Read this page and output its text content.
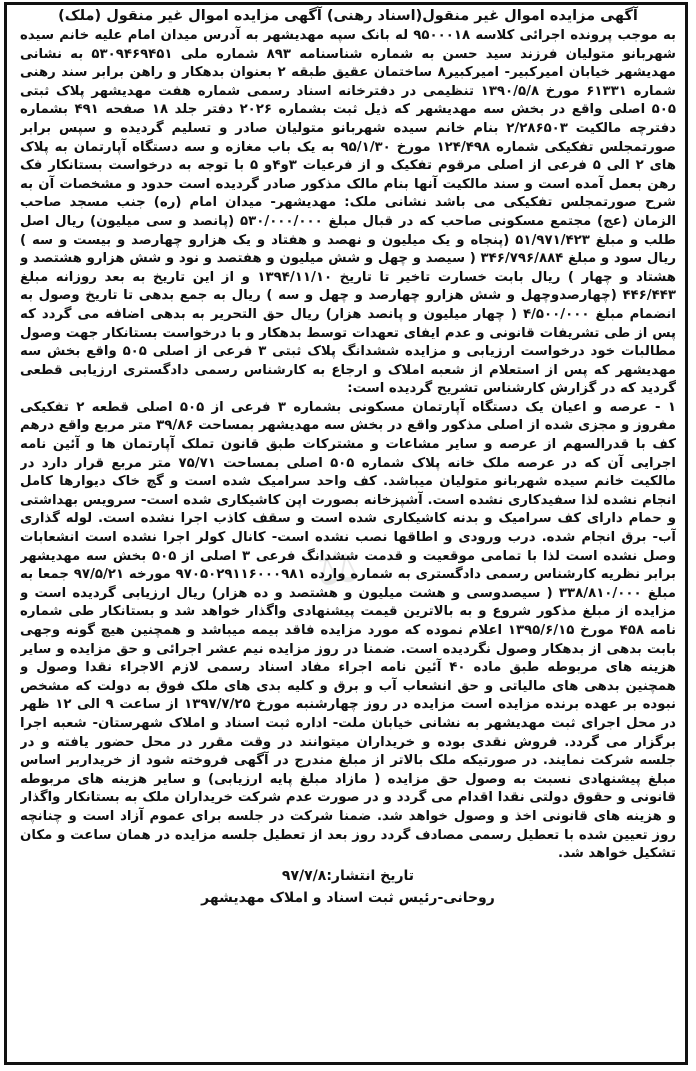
⚖

آگهی مزایده اموال غیر منقول(اسناد رهنی) آگهی مزایده اموال غیر منقول (ملک)

به موجب پرونده اجرائی کلاسه ۹۵۰۰۰۱۸ له بانک سپه مهدیشهر به آدرس میدان امام علیه خانم سیده شهربانو متولیان فرزند سید حسن به شماره شناسنامه ۸۹۳ شماره ملی ۵۳۰۹۴۶۹۴۵۱ به نشانی مهدیشهر خیابان امیرکبیر- امیرکبیر۸ ساختمان عقیق طبقه ۲ بعنوان بدهکار و راهن برابر سند رهنی شماره ۶۱۳۳۱ مورخ ۱۳۹۰/۵/۸ تنظیمی در دفترخانه اسناد رسمی شماره هفت مهدیشهر پلاک ثبتی ۵۰۵ اصلی واقع در بخش سه مهدیشهر که ذیل ثبت بشماره ۲۰۲۶ دفتر جلد ۱۸ صفحه ۴۹۱ بشماره دفترچه مالکیت ۲/۲۸۶۵۰۳ بنام خانم سیده شهربانو متولیان صادر و تسلیم گردیده و سپس برابر صورتمجلس تفکیکی شماره ۱۲۴/۴۹۸ مورخ ۹۵/۱/۳۰ به یک باب مغازه و سه دستگاه آپارتمان به پلاک های ۲ الی ۵ فرعی از اصلی مرقوم تفکیک و از فرعیات ۳و۴و ۵ با توجه به درخواست بستانکار فک رهن بعمل آمده است و سند مالکیت آنها بنام مالک مذکور صادر گردیده است حدود و مشخصات آن به شرح صورتمجلس تفکیکی می باشد نشانی ملک: مهدیشهر- میدان امام (ره) جنب مسجد صاحب الزمان (عج) مجتمع مسکونی صاحب که در قبال مبلغ ۵۳۰/۰۰۰/۰۰۰ (پانصد و سی میلیون) ریال اصل طلب و مبلغ ۵۱/۹۷۱/۴۲۳ (پنجاه و یک میلیون و نهصد و هفتاد و یک هزارو چهارصد و بیست و سه ) ریال سود و مبلغ ۳۴۶/۷۹۶/۸۸۴ ( سیصد و چهل و شش میلیون و هفتصد و نود و شش هزارو هشتصد و هشتاد و چهار ) ریال بابت خسارت تاخیر تا تاریخ ۱۳۹۴/۱۱/۱۰ و از این تاریخ به بعد روزانه مبلغ ۴۴۶/۴۴۳ (چهارصدوچهل و شش هزارو چهارصد و چهل و سه ) ریال به جمع بدهی تا تاریخ وصول به انضمام مبلغ ۴/۵۰۰/۰۰۰ ( چهار میلیون و پانصد هزار) ریال حق التحریر به بدهی اضافه می گردد که پس از طی تشریفات قانونی و عدم ایفای تعهدات توسط بدهکار و با درخواست بستانکار جهت وصول مطالبات خود درخواست ارزیابی و مزایده ششدانگ پلاک ثبتی ۳ فرعی از اصلی ۵۰۵ واقع بخش سه مهدیشهر که پس از استعلام از شعبه املاک و ارجاع به کارشناس رسمی دادگستری ارزیابی قطعی گردید که در گزارش کارشناس تشریح گردیده است:

۱ - عرصه و اعیان یک دستگاه آپارتمان مسکونی بشماره ۳ فرعی از ۵۰۵ اصلی قطعه ۲ تفکیکی مفروز و مجزی شده از اصلی مذکور واقع در بخش سه مهدیشهر بمساحت ۳۹/۸۶ متر مربع واقع درهم کف با قدرالسهم از عرصه و سایر مشاعات و مشترکات طبق قانون تملک آپارتمان ها و آئین نامه اجرایی آن که در عرصه ملک خانه پلاک شماره ۵۰۵ اصلی بمساحت ۷۵/۷۱ متر مربع قرار دارد در مالکیت خانم سیده شهربانو متولیان میباشد. کف واحد سرامیک شده است و گچ خاک دیوارها کامل انجام نشده لذا سفیدکاری نشده است. آشپزخانه بصورت اپن کاشیکاری شده است- سرویس بهداشتی و حمام دارای کف سرامیک و بدنه کاشیکاری شده است و سقف کاذب اجرا نشده است. لوله گذاری آب- برق انجام شده. درب ورودی و اطاقها نصب نشده است- کانال کولر اجرا نشده است انشعابات وصل نشده است لذا با تمامی موقعیت و قدمت ششدانگ فرعی ۳ اصلی از ۵۰۵ بخش سه مهدیشهر برابر نظریه کارشناس رسمی دادگستری به شماره وارده ۹۷۰۵۰۲۹۱۱۶۰۰۰۹۸۱ مورخه ۹۷/۵/۲۱ جمعا به مبلغ ۳۳۸/۸۱۰/۰۰۰ ( سیصدوسی و هشت میلیون و هشتصد و ده هزار) ریال ارزیابی گردیده است و مزایده از مبلغ مذکور شروع و به بالاترین قیمت پیشنهادی واگذار خواهد شد و بستانکار طی شماره نامه ۴۵۸ مورخ ۱۳۹۵/۶/۱۵ اعلام نموده که مورد مزایده فاقد بیمه میباشد و همچنین هیچ گونه وجهی بابت بدهی از بدهکار وصول نگردیده است. ضمنا در روز مزایده نیم عشر اجرائی و حق مزایده و سایر هزینه های مربوطه طبق ماده ۴۰ آئین نامه اجراء مفاد اسناد رسمی لازم الاجراء نقدا وصول و همچنین بدهی های مالیاتی و حق انشعاب آب و برق و کلیه بدی های ملک فوق به دولت که مشخص نبوده بر عهده برنده مزایده است مزایده در روز چهارشنبه مورخ ۱۳۹۷/۷/۲۵ از ساعت ۹ الی ۱۲ ظهر در محل اجرای ثبت مهدیشهر به نشانی خیابان ملت- اداره ثبت اسناد و املاک شهرستان- شعبه اجرا برگزار می گردد. فروش نقدی بوده و خریداران میتوانند در وقت مقرر در محل حضور یافته و در جلسه شرکت نمایند. در صورتیکه ملک بالاتر از مبلغ مندرج در آگهی فروخته شود از خریداربر اساس مبلغ پیشنهادی نسبت به وصول حق مزایده ( مازاد مبلغ پایه ارزیابی) و سایر هزینه های مربوطه قانونی و حقوق دولتی نقدا اقدام می گردد و در صورت عدم شرکت خریداران ملک به بستانکار واگذار و هزینه های قانونی اخذ و وصول خواهد شد. ضمنا شرکت در جلسه برای عموم آزاد است و چنانچه روز تعیین شده با تعطیل رسمی مصادف گردد روز بعد از تعطیل جلسه مزایده در همان ساعت و مکان تشکیل خواهد شد.

تاریخ انتشار:۹۷/۷/۸

روحانی-رئیس ثبت اسناد و املاک مهدیشهر
